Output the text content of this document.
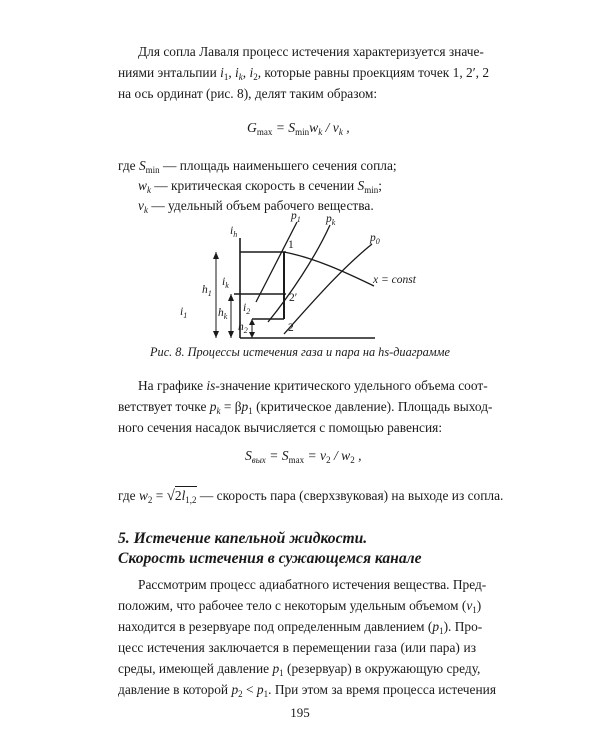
Для сопла Лаваля процесс истечения характеризуется значе-
ниями энтальпии $i_1$, $i_k$, $i_2$, которые равны проекциям точек 1, 2′, 2
на ось ординат (рис. 8), делят таким образом:
$G_{max} = S_{min}w_k / v_k$ ,
где $S_{min}$ — площадь наименьшего сечения сопла;
$w_k$ — критическая скорость в сечении $S_{min}$;
$v_k$ — удельный объем рабочего вещества.
$i_h$
1
2′
2
$p_1$ $p_k$
$p_0$
x = const
$h_1$
$i_1$
$i_k$
$h_k$
$i_2$
$h_2$
Рис. 8. Процессы истечения газа и пара на hs-диаграмме
На графике is-значение критического удельного объема соот-
ветствует точке $p_k = \beta p_1$ (критическое давление). Площадь выход-
ного сечения насадок вычисляется с помощью равенсия:
$S_{вых} = S_{max} = v_2 / w_2$ ,
где $w_2 = √2l_{1,2}$ — скорость пара (сверхзвуковая) на выходе из сопла.
5. Истечение капельной жидкости.
Скорость истечения в сужающемся канале
Рассмотрим процесс адиабатного истечения вещества. Пред-
положим, что рабочее тело с некоторым удельным объемом $(v_1)$
находится в резервуаре под определенным давлением $(p_1)$. Про-
цесс истечения заключается в перемещении газа (или пара) из
среды, имеющей давление $p_1$ (резервуар) в окружающую среду,
давление в которой $p_2 < p_1$. При этом за время процесса истечения
195
